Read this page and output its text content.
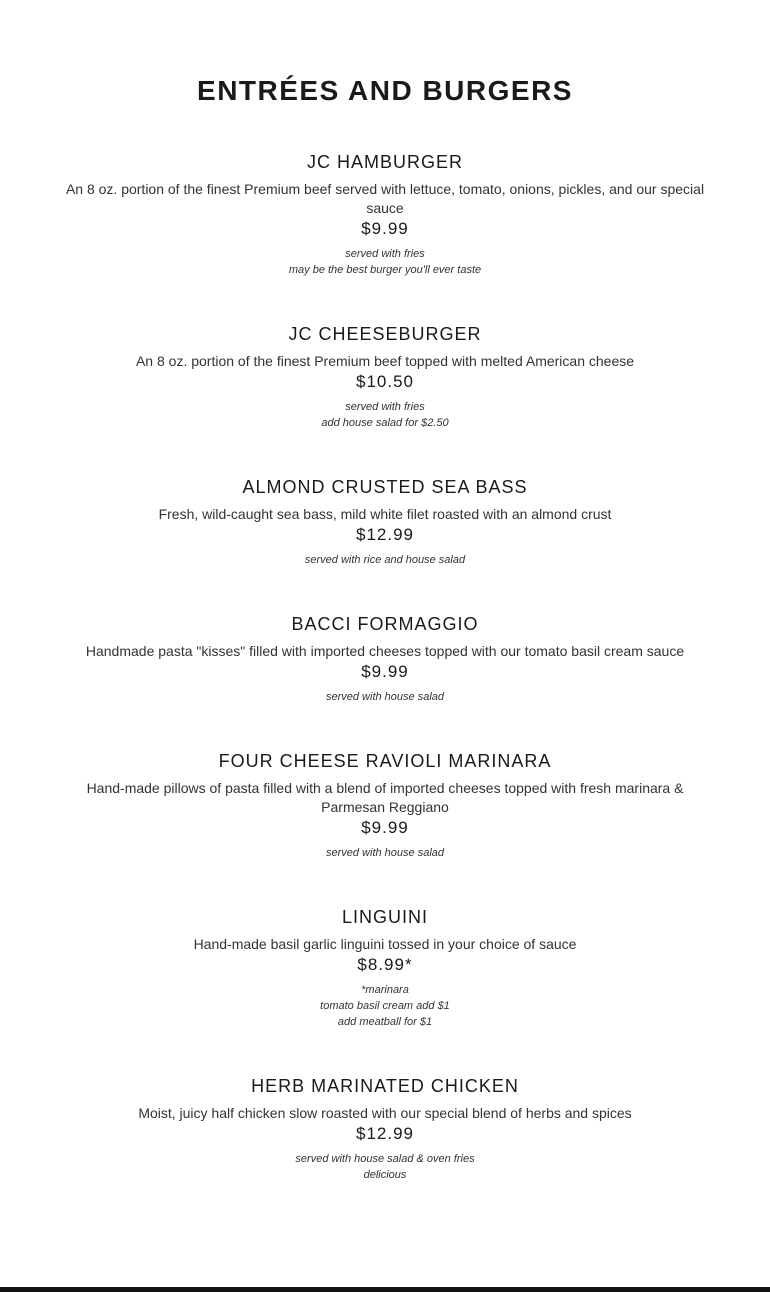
ENTRÉES AND BURGERS
JC HAMBURGER

An 8 oz. portion of the finest Premium beef served with lettuce, tomato, onions, pickles, and our special sauce

$9.99

served with fries
may be the best burger you'll ever taste
JC CHEESEBURGER

An 8 oz. portion of the finest Premium beef topped with melted American cheese

$10.50

served with fries
add house salad for $2.50
ALMOND CRUSTED SEA BASS

Fresh, wild-caught sea bass, mild white filet roasted with an almond crust

$12.99

served with rice and house salad
BACCI FORMAGGIO

Handmade pasta "kisses" filled with imported cheeses topped with our tomato basil cream sauce

$9.99

served with house salad
FOUR CHEESE RAVIOLI MARINARA

Hand-made pillows of pasta filled with a blend of imported cheeses topped with fresh marinara & Parmesan Reggiano

$9.99

served with house salad
LINGUINI

Hand-made basil garlic linguini tossed in your choice of sauce

$8.99*

*marinara
tomato basil cream add $1
add meatball for $1
HERB MARINATED CHICKEN

Moist, juicy half chicken slow roasted with our special blend of herbs and spices

$12.99

served with house salad & oven fries
delicious
